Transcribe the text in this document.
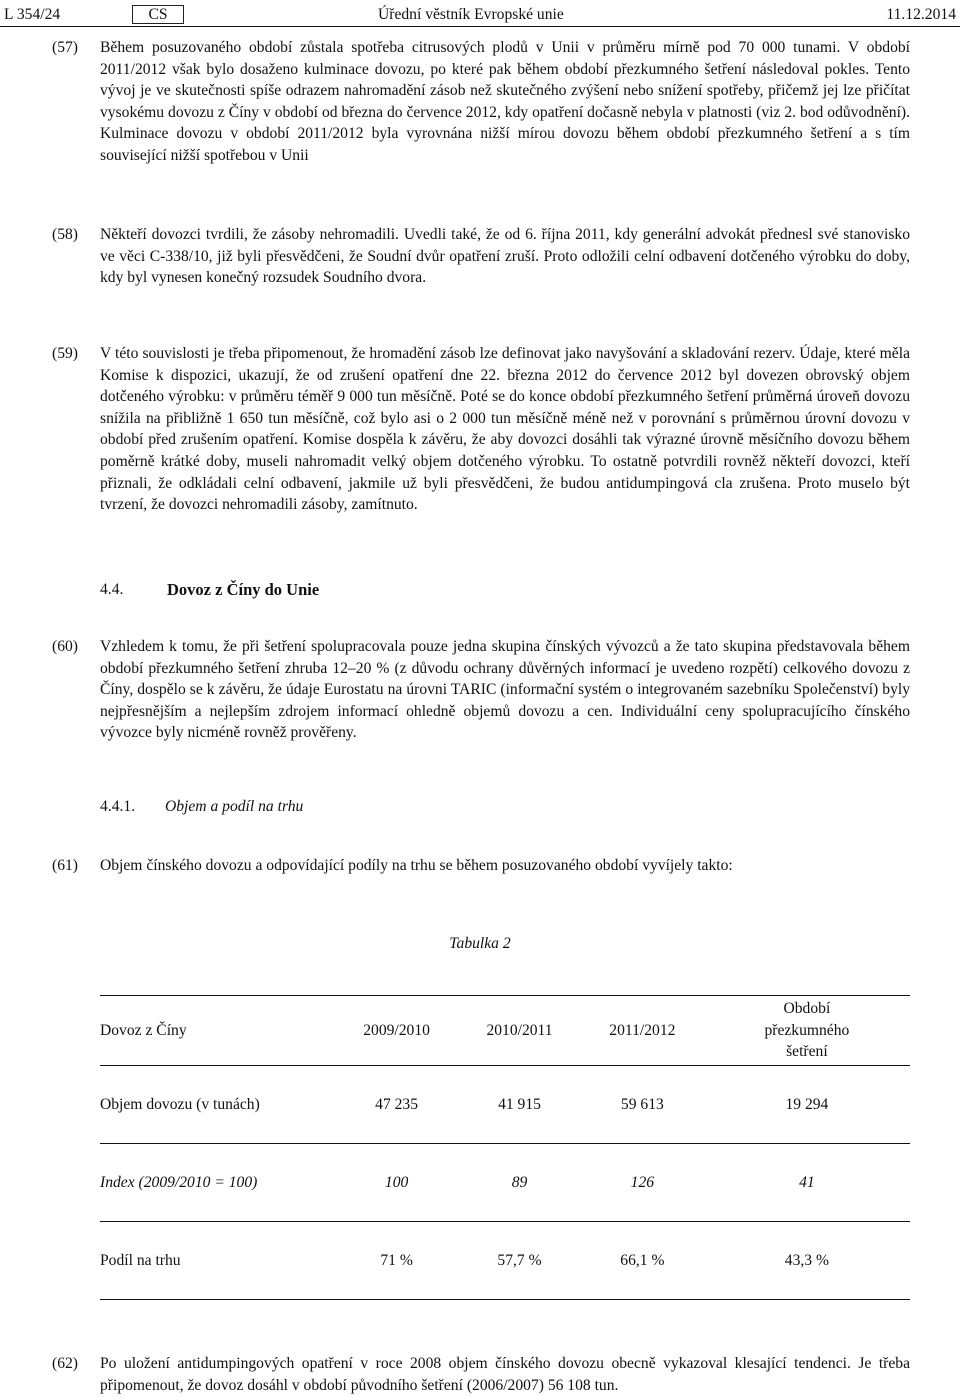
L 354/24	CS	Úřední věstník Evropské unie	11.12.2014
(57) Během posuzovaného období zůstala spotřeba citrusových plodů v Unii v průměru mírně pod 70 000 tunami. V období 2011/2012 však bylo dosaženo kulminace dovozu, po které pak během období přezkumného šetření následoval pokles. Tento vývoj je ve skutečnosti spíše odrazem nahromadění zásob než skutečného zvýšení nebo snížení spotřeby, přičemž jej lze přičítat vysokému dovozu z Číny v období od března do července 2012, kdy opatření dočasně nebyla v platnosti (viz 2. bod odůvodnění). Kulminace dovozu v období 2011/2012 byla vyrovnána nižší mírou dovozu během období přezkumného šetření a s tím související nižší spotřebou v Unii
(58) Někteří dovozci tvrdili, že zásoby nehromadili. Uvedli také, že od 6. října 2011, kdy generální advokát přednesl své stanovisko ve věci C-338/10, již byli přesvědčeni, že Soudní dvůr opatření zruší. Proto odložili celní odbavení dotčeného výrobku do doby, kdy byl vynesen konečný rozsudek Soudního dvora.
(59) V této souvislosti je třeba připomenout, že hromadění zásob lze definovat jako navyšování a skladování rezerv. Údaje, které měla Komise k dispozici, ukazují, že od zrušení opatření dne 22. března 2012 do července 2012 byl dovezen obrovský objem dotčeného výrobku: v průměru téměř 9 000 tun měsíčně. Poté se do konce období přezkumného šetření průměrná úroveň dovozu snížila na přibližně 1 650 tun měsíčně, což bylo asi o 2 000 tun měsíčně méně než v porovnání s průměrnou úrovní dovozu v období před zrušením opatření. Komise dospěla k závěru, že aby dovozci dosáhli tak výrazné úrovně měsíčního dovozu během poměrně krátké doby, museli nahromadit velký objem dotčeného výrobku. To ostatně potvrdili rovněž někteří dovozci, kteří přiznali, že odkládali celní odbavení, jakmile už byli přesvědčeni, že budou antidumpingová cla zrušena. Proto muselo být tvrzení, že dovozci nehromadili zásoby, zamítnuto.
4.4.	Dovoz z Číny do Unie
(60) Vzhledem k tomu, že při šetření spolupracovala pouze jedna skupina čínských vývozců a že tato skupina představovala během období přezkumného šetření zhruba 12–20 % (z důvodu ochrany důvěrných informací je uvedeno rozpětí) celkového dovozu z Číny, dospělo se k závěru, že údaje Eurostatu na úrovni TARIC (informační systém o integrovaném sazebníku Společenství) byly nejpřesnějším a nejlepším zdrojem informací ohledně objemů dovozu a cen. Individuální ceny spolupracujícího čínského vývozce byly nicméně rovněž prověřeny.
4.4.1. Objem a podíl na trhu
(61) Objem čínského dovozu a odpovídající podíly na trhu se během posuzovaného období vyvíjely takto:
Tabulka 2
Dovoz z Číny	2009/2010	2010/2011	2011/2012	Období přezkumného šetření
Objem dovozu (v tunách)	47 235	41 915	59 613	19 294
Index (2009/2010 = 100)	100	89	126	41
Podíl na trhu	71 %	57,7 %	66,1 %	43,3 %
(62) Po uložení antidumpingových opatření v roce 2008 objem čínského dovozu obecně vykazoval klesající tendenci. Je třeba připomenout, že dovoz dosáhl v období původního šetření (2006/2007) 56 108 tun.
